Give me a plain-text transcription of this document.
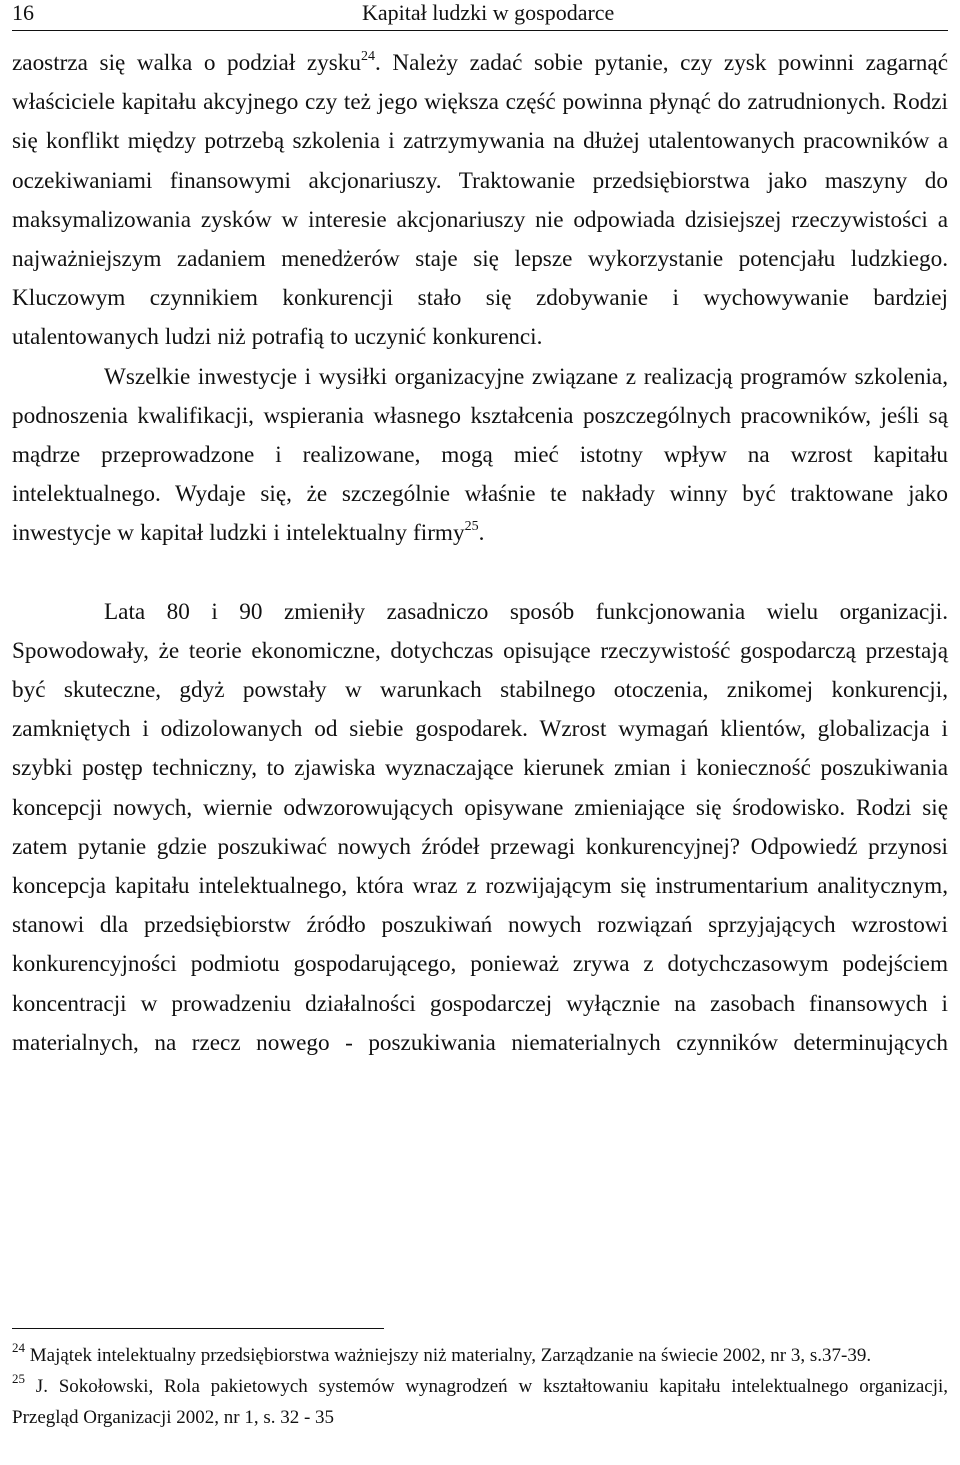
16	Kapitał ludzki w gospodarce

zaostrza się walka o podział zysku$^{24}$. Należy zadać sobie pytanie, czy zysk powinni zagarnąć właściciele kapitału akcyjnego czy też jego większa część powinna płynąć do zatrudnionych. Rodzi się konflikt między potrzebą szkolenia i zatrzymywania na dłużej utalentowanych pracowników a oczekiwaniami finansowymi akcjonariuszy. Traktowanie przedsiębiorstwa jako maszyny do maksymalizowania zysków w interesie akcjonariuszy nie odpowiada dzisiejszej rzeczywistości a najważniejszym zadaniem menedżerów staje się lepsze wykorzystanie potencjału ludzkiego. Kluczowym czynnikiem konkurencji stało się zdobywanie i wychowywanie bardziej utalentowanych ludzi niż potrafią to uczynić konkurenci.

Wszelkie inwestycje i wysiłki organizacyjne związane z realizacją programów szkolenia, podnoszenia kwalifikacji, wspierania własnego kształcenia poszczególnych pracowników, jeśli są mądrze przeprowadzone i realizowane, mogą mieć istotny wpływ na wzrost kapitału intelektualnego. Wydaje się, że szczególnie właśnie te nakłady winny być traktowane jako inwestycje w kapitał ludzki i intelektualny firmy$^{25}$.

Lata 80 i 90 zmieniły zasadniczo sposób funkcjonowania wielu organizacji. Spowodowały, że teorie ekonomiczne, dotychczas opisujące rzeczywistość gospodarczą przestają być skuteczne, gdyż powstały w warunkach stabilnego otoczenia, znikomej konkurencji, zamkniętych i odizolowanych od siebie gospodarek. Wzrost wymagań klientów, globalizacja i szybki postęp techniczny, to zjawiska wyznaczające kierunek zmian i konieczność poszukiwania koncepcji nowych, wiernie odwzorowujących opisywane zmieniające się środowisko. Rodzi się zatem pytanie gdzie poszukiwać nowych źródeł przewagi konkurencyjnej? Odpowiedź przynosi koncepcja kapitału intelektualnego, która wraz z rozwijającym się instrumentarium analitycznym, stanowi dla przedsiębiorstw źródło poszukiwań nowych rozwiązań sprzyjających wzrostowi konkurencyjności podmiotu gospodarującego, ponieważ zrywa z dotychczasowym podejściem koncentracji w prowadzeniu działalności gospodarczej wyłącznie na zasobach finansowych i materialnych, na rzecz nowego - poszukiwania niematerialnych czynników determinujących

$^{24}$ Majątek intelektualny przedsiębiorstwa ważniejszy niż materialny, Zarządzanie na świecie 2002, nr 3, s.37-39.

$^{25}$ J. Sokołowski, Rola pakietowych systemów wynagrodzeń w kształtowaniu kapitału intelektualnego organizacji, Przegląd Organizacji 2002, nr 1, s. 32 - 35
